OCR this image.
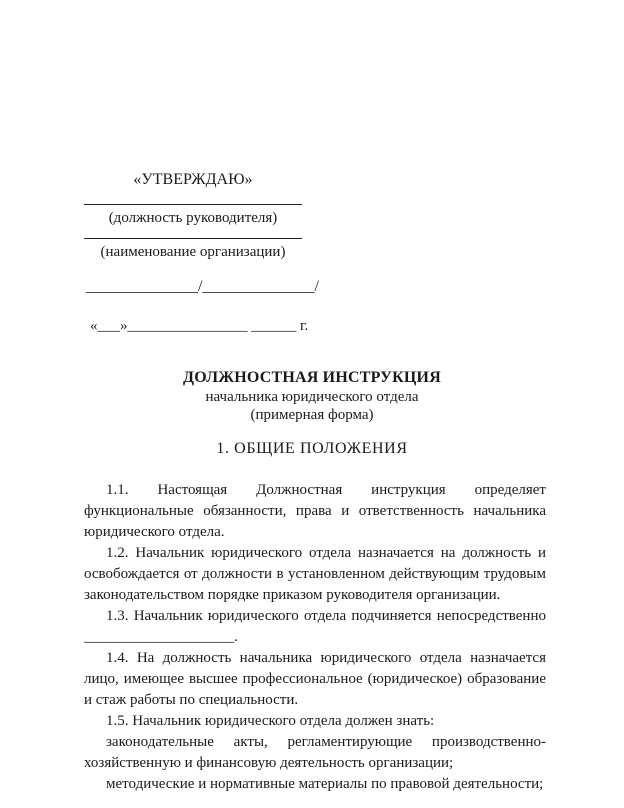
«УТВЕРЖДАЮ»
(должность руководителя)
(наименование организации)
______________/______________/
«___»________________ ______ г.
ДОЛЖНОСТНАЯ ИНСТРУКЦИЯ
начальника юридического отдела
(примерная форма)
1. ОБЩИЕ ПОЛОЖЕНИЯ

1.1. Настоящая Должностная инструкция определяет функциональные обязанности, права и ответственность начальника юридического отдела.

1.2. Начальник юридического отдела назначается на должность и освобождается от должности в установленном действующим трудовым законодательством порядке приказом руководителя организации.

1.3. Начальник юридического отдела подчиняется непосредственно ____________________.

1.4. На должность начальника юридического отдела назначается лицо, имеющее высшее профессиональное (юридическое) образование и стаж работы по специальности.

1.5. Начальник юридического отдела должен знать:

законодательные акты, регламентирующие производственно-хозяйственную и финансовую деятельность организации;

методические и нормативные материалы по правовой деятельности;
